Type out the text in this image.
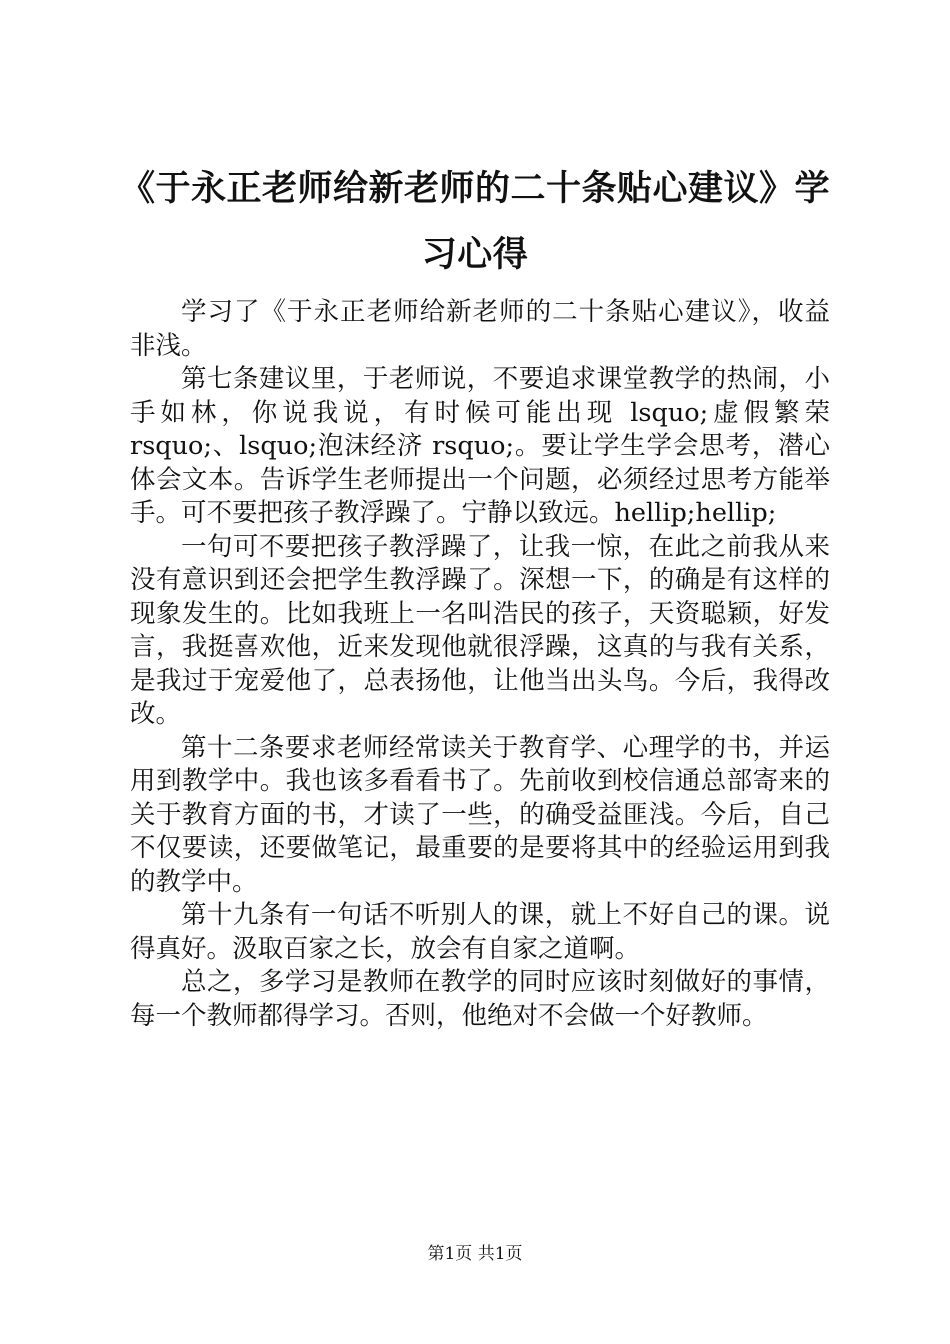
《于永正老师给新老师的二十条贴心建议》学习心得

学习了《于永正老师给新老师的二十条贴心建议》，收益非浅。

第七条建议里，于老师说，不要追求课堂教学的热闹，小手如林，你说我说，有时候可能出现 lsquo;虚假繁荣rsquo;、lsquo;泡沫经济 rsquo;。要让学生学会思考，潜心体会文本。告诉学生老师提出一个问题，必须经过思考方能举手。可不要把孩子教浮躁了。宁静以致远。hellip;hellip;

一句可不要把孩子教浮躁了，让我一惊，在此之前我从来没有意识到还会把学生教浮躁了。深想一下，的确是有这样的现象发生的。比如我班上一名叫浩民的孩子，天资聪颖，好发言，我挺喜欢他，近来发现他就很浮躁，这真的与我有关系，是我过于宠爱他了，总表扬他，让他当出头鸟。今后，我得改改。

第十二条要求老师经常读关于教育学、心理学的书，并运用到教学中。我也该多看看书了。先前收到校信通总部寄来的关于教育方面的书，才读了一些，的确受益匪浅。今后，自己不仅要读，还要做笔记，最重要的是要将其中的经验运用到我的教学中。

第十九条有一句话不听别人的课，就上不好自己的课。说得真好。汲取百家之长，放会有自家之道啊。

总之，多学习是教师在教学的同时应该时刻做好的事情，每一个教师都得学习。否则，他绝对不会做一个好教师。

第1页 共1页
